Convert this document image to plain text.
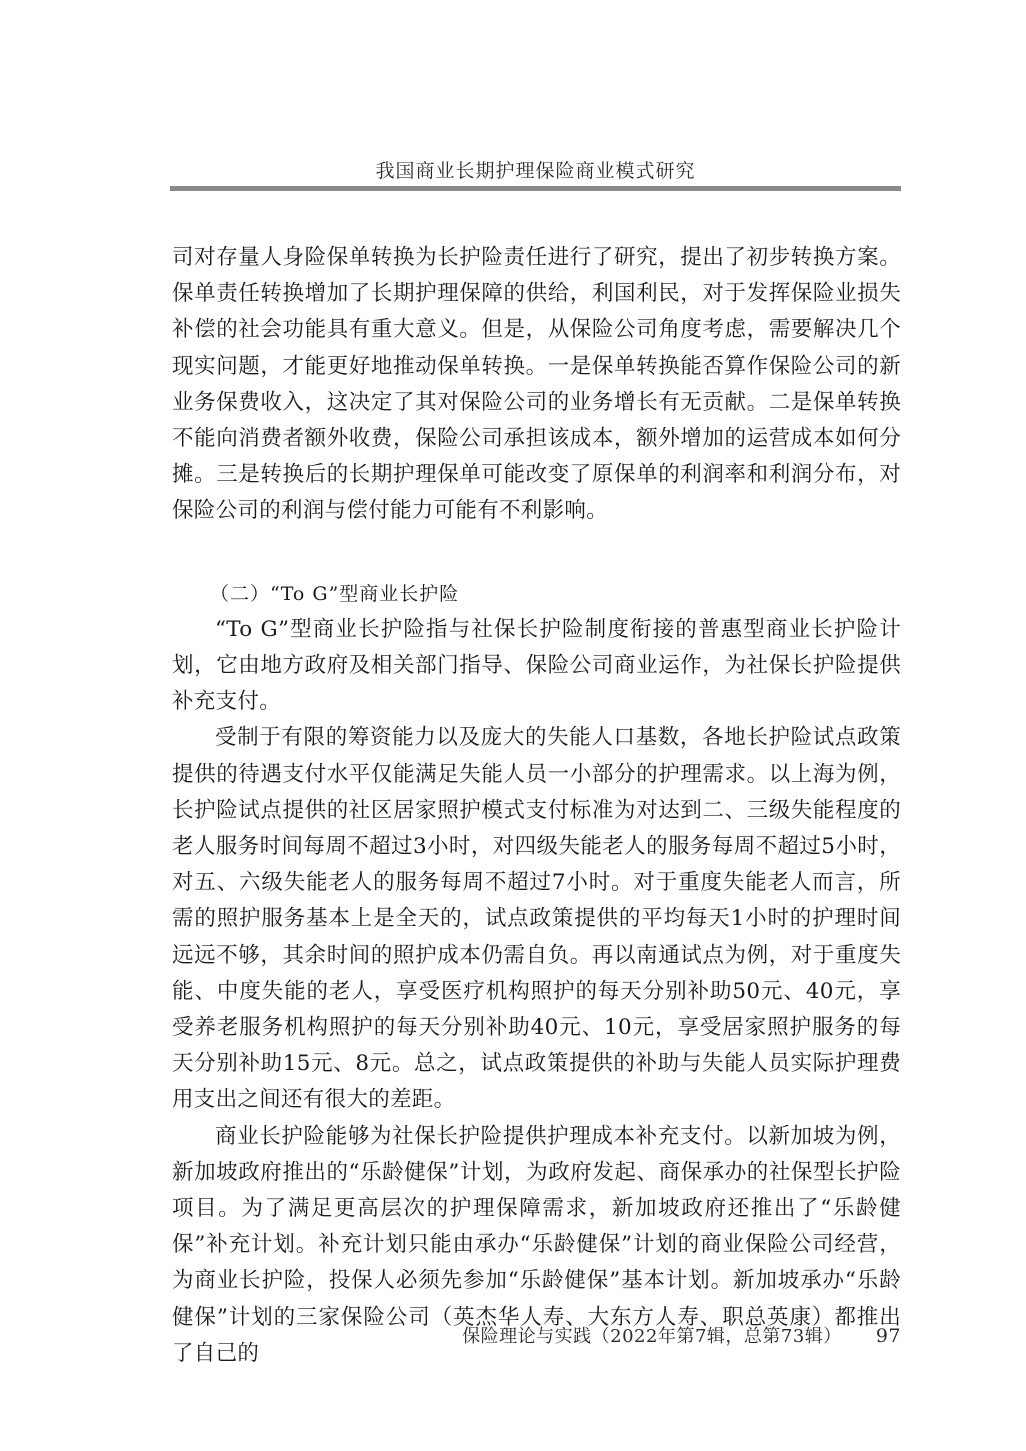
我国商业长期护理保险商业模式研究

司对存量人身险保单转换为长护险责任进行了研究，提出了初步转换方案。保单责任转换增加了长期护理保障的供给，利国利民，对于发挥保险业损失补偿的社会功能具有重大意义。但是，从保险公司角度考虑，需要解决几个现实问题，才能更好地推动保单转换。一是保单转换能否算作保险公司的新业务保费收入，这决定了其对保险公司的业务增长有无贡献。二是保单转换不能向消费者额外收费，保险公司承担该成本，额外增加的运营成本如何分摊。三是转换后的长期护理保单可能改变了原保单的利润率和利润分布，对保险公司的利润与偿付能力可能有不利影响。

（二）“To G”型商业长护险

“To G”型商业长护险指与社保长护险制度衔接的普惠型商业长护险计划，它由地方政府及相关部门指导、保险公司商业运作，为社保长护险提供补充支付。

受制于有限的筹资能力以及庞大的失能人口基数，各地长护险试点政策提供的待遇支付水平仅能满足失能人员一小部分的护理需求。以上海为例，长护险试点提供的社区居家照护模式支付标准为对达到二、三级失能程度的老人服务时间每周不超过3小时，对四级失能老人的服务每周不超过5小时，对五、六级失能老人的服务每周不超过7小时。对于重度失能老人而言，所需的照护服务基本上是全天的，试点政策提供的平均每天1小时的护理时间远远不够，其余时间的照护成本仍需自负。再以南通试点为例，对于重度失能、中度失能的老人，享受医疗机构照护的每天分别补助50元、40元，享受养老服务机构照护的每天分别补助40元、10元，享受居家照护服务的每天分别补助15元、8元。总之，试点政策提供的补助与失能人员实际护理费用支出之间还有很大的差距。

商业长护险能够为社保长护险提供护理成本补充支付。以新加坡为例，新加坡政府推出的“乐龄健保”计划，为政府发起、商保承办的社保型长护险项目。为了满足更高层次的护理保障需求，新加坡政府还推出了“乐龄健保”补充计划。补充计划只能由承办“乐龄健保”计划的商业保险公司经营，为商业长护险，投保人必须先参加“乐龄健保”基本计划。新加坡承办“乐龄健保”计划的三家保险公司（英杰华人寿、大东方人寿、职总英康）都推出了自己的

保险理论与实践（2022年第7辑，总第73辑） 97
